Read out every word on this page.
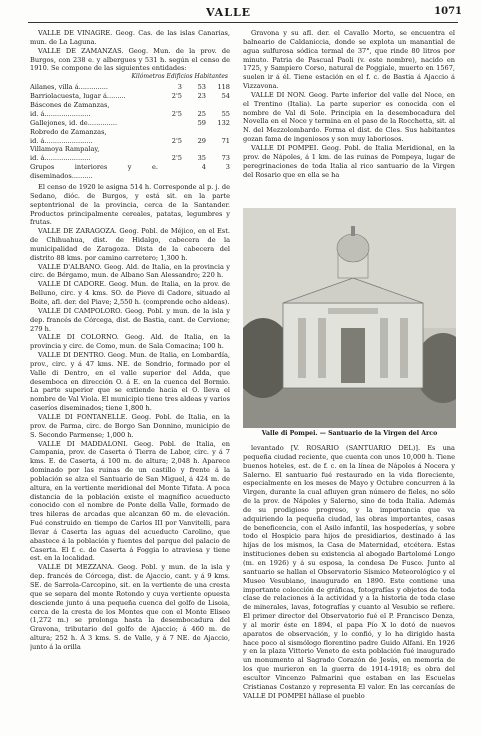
VALLE	1071

VALLE DE VINAGRE. Geog. Cas. de las islas Canarias, mun. de La Laguna.

VALLE DE ZAMANZAS. Geog. Mun. de la prov. de Burgos, con 238 e. y albergues y 531 h. según el censo de 1910. Se compone de las siguientes entidades:

Kilómetros Edificios Habitantes
Ailanes, villa á..............	3	53	118
Barriolacuesta, lugar á.........	2'5	23	54
Báscones de Zamanzas,			
id. á......................	2'5	25	55
Gallejones, id. de..............		59	132
Robredo de Zamanzas,			
id. á.......................	2'5	29	71
Villamoya Rampalay,			
id. á......................	2'5	35	73
Grupos interiores y e. diseminados..........		4	3

El censo de 1920 le asigna 514 h. Corresponde al p. j. de Sedano, dióc. de Burgos, y está sit. en la parte septentrional de la provincia, cerca de la Santander. Productos principalmente cereales, patatas, legumbres y frutas.

VALLE DE ZARAGOZA. Geog. Pobl. de Méjico, en el Est. de Chihuahua, dist. de Hidalgo, cabecera de la municipalidad de Zaragoza. Dista de la cabecera del distrito 88 kms. por camino carretero; 1,300 h.

VALLE D'ALBANO. Geog. Ald. de Italia, en la provincia y circ. de Bérgamo, mun. de Albano San Alessandro; 220 h.

VALLE DI CADORE. Geog. Mun. de Italia, en la prov. de Belluno, circ. y 4 kms. SO. de Pieve di Cadore, situado al Boite, afl. der. del Piave; 2,550 h. (comprende ocho aldeas).

VALLE DI CAMPOLORO. Geog. Pobl. y mun. de la isla y dep. francés de Córcega, dist. de Bastia, cant. de Cervione; 279 h.

VALLE DI COLORNO. Geog. Ald. de Italia, en la provincia y circ. de Como, mun. de Sala Comacina; 100 h.

VALLE DI DENTRO. Geog. Mun. de Italia, en Lombardía, prov., circ. y á 47 kms. NE. de Sondrio, formado por el Valle di Dentro, en el valle superior del Adda, que desemboca en dirección O. á E. en la cuenca del Bormio. La parte superior que se extiende hacia el O. lleva el nombre de Val Viola. El municipio tiene tres aldeas y varios caseríos diseminados; tiene 1,800 h.

VALLE DI FONTANELLE. Geog. Pobl. de Italia, en la prov. de Parma, circ. de Borgo San Donnino, municipio de S. Secondo Parmense; 1,000 h.

VALLE DI MADDALONI. Geog. Pobl. de Italia, en Campania, prov. de Caserta ó Tierra de Labor, circ. y á 7 kms. E. de Caserta, á 100 m. de altura; 2,048 h. Aparece dominado por las ruinas de un castillo y frente á la población se alza el Santuario de San Miguel, á 424 m. de altura, en la vertiente meridional del Monte Tifata. A poca distancia de la población existe el magnífico acueducto conocido con el nombre de Ponte della Valle, formado de tres hileras de arcadas que alcanzan 60 m. de elevación. Fué construido en tiempo de Carlos III por Vanvitelli, para llevar á Caserta las aguas del acueducto Carolino, que abastece á la población y fuentes del parque del palacio de Caserta. El f. c. de Caserta á Foggia lo atraviesa y tiene est. en la localidad.

VALLE DI MEZZANA. Geog. Pobl. y mun. de la isla y dep. francés de Córcega, dist. de Ajaccio, cant. y á 9 kms. SE. de Sarrola-Carcopino, sit. en la vertiente de una cresta que se separa del monte Rotondo y cuya vertiente opuesta desciende junto á una pequeña cuenca del golfo de Lisoia, cerca de la cresta de los Montes que con el Monte Eliseo (1,272 m.) se prolonga hasta la desembocadura del Gravona, tributario del golfo de Ajaccio; á 460 m. de altura; 252 h. Á 3 kms. S. de Valle, y á 7 NE. de Ajaccio, junto á la orilla

Gravona y su afl. der. el Cavallo Morto, se encuentra el balneario de Caldaniccia, donde se explota un manantial de agua sulfurosa sódica termal de 37°, que rinde 80 litros por minuto. Patria de Pascual Paoli (v. este nombre), nacido en 1725, y Sampiero Corso, natural de Poggiale, muerto en 1567, suelen ir á él. Tiene estación en el f. c. de Bastia á Ajaccio á Vizzavona.

VALLE DI NON. Geog. Parte inferior del valle del Noce, en el Trentino (Italia). La parte superior es conocida con el nombre de Val di Sole. Principia en la desembocadura del Novella en el Noce y termina en el paso de la Rocchetta, sit. al N. del Mezzolombardo. Forma el dist. de Cles. Sus habitantes gozan fama de ingeniosos y son muy laboriosos.

VALLE DI POMPEI. Geog. Pobl. de Italia Meridional, en la prov. de Nápoles, á 1 km. de las ruinas de Pompeya, lugar de peregrinaciones de toda Italia al rico santuario de la Virgen del Rosario que en ella se ha

Valle di Pompei. — Santuario de la Virgen del Arco

levantado [V. ROSARIO (SANTUARIO DEL)]. Es una pequeña ciudad reciente, que cuenta con unos 10,000 h. Tiene buenos hoteles, est. de f. c. en la línea de Nápoles á Nocera y Salerno. El santuario fué restaurado en la vida floreciente, especialmente en los meses de Mayo y Octubre concurren á la Virgen, durante la cual afluyen gran número de fieles, no sólo de la prov. de Nápoles y Salerno, sino de toda Italia. Además de su prodigioso progreso, y la importancia que va adquiriendo la pequeña ciudad, las obras importantes, casas de beneficencia, con el Asilo infantil, las hospederías, y sobre todo el Hospicio para hijos de presidiarios, destinado á las hijas de los mismos, la Casa de Maternidad, etcétera. Estas instituciones deben su existencia al abogado Bartolomé Longo (m. en 1926) y á su esposa, la condesa De Fusco. Junto al santuario se hallan el Observatorio Sísmico Meteorológico y el Museo Vesubiano, inaugurado en 1890. Este contiene una importante colección de gráficas, fotografías y objetos de toda clase de relaciones á la actividad y a la historia de toda clase de minerales, lavas, fotografías y cuanto al Vesubio se refiere. El primer director del Observatorio fué el P. Francisco Denza, y al morir éste en 1894, el papa Pío X lo dotó de nuevos aparatos de observación, y lo confió, y lo ha dirigido hasta hace poco al sismólogo florentino padre Guido Alfani. En 1926 y en la plaza Vittorio Veneto de esta población fué inaugurado un monumento al Sagrado Corazón de Jesús, en memoria de los que murieron en la guerra de 1914-1918; es obra del escultor Vincenzo Palmarini que estaban en las Escuelas Cristianas Costanzo y representa El valor. En las cercanías de VALLE DI POMPEI hállase el pueblo
